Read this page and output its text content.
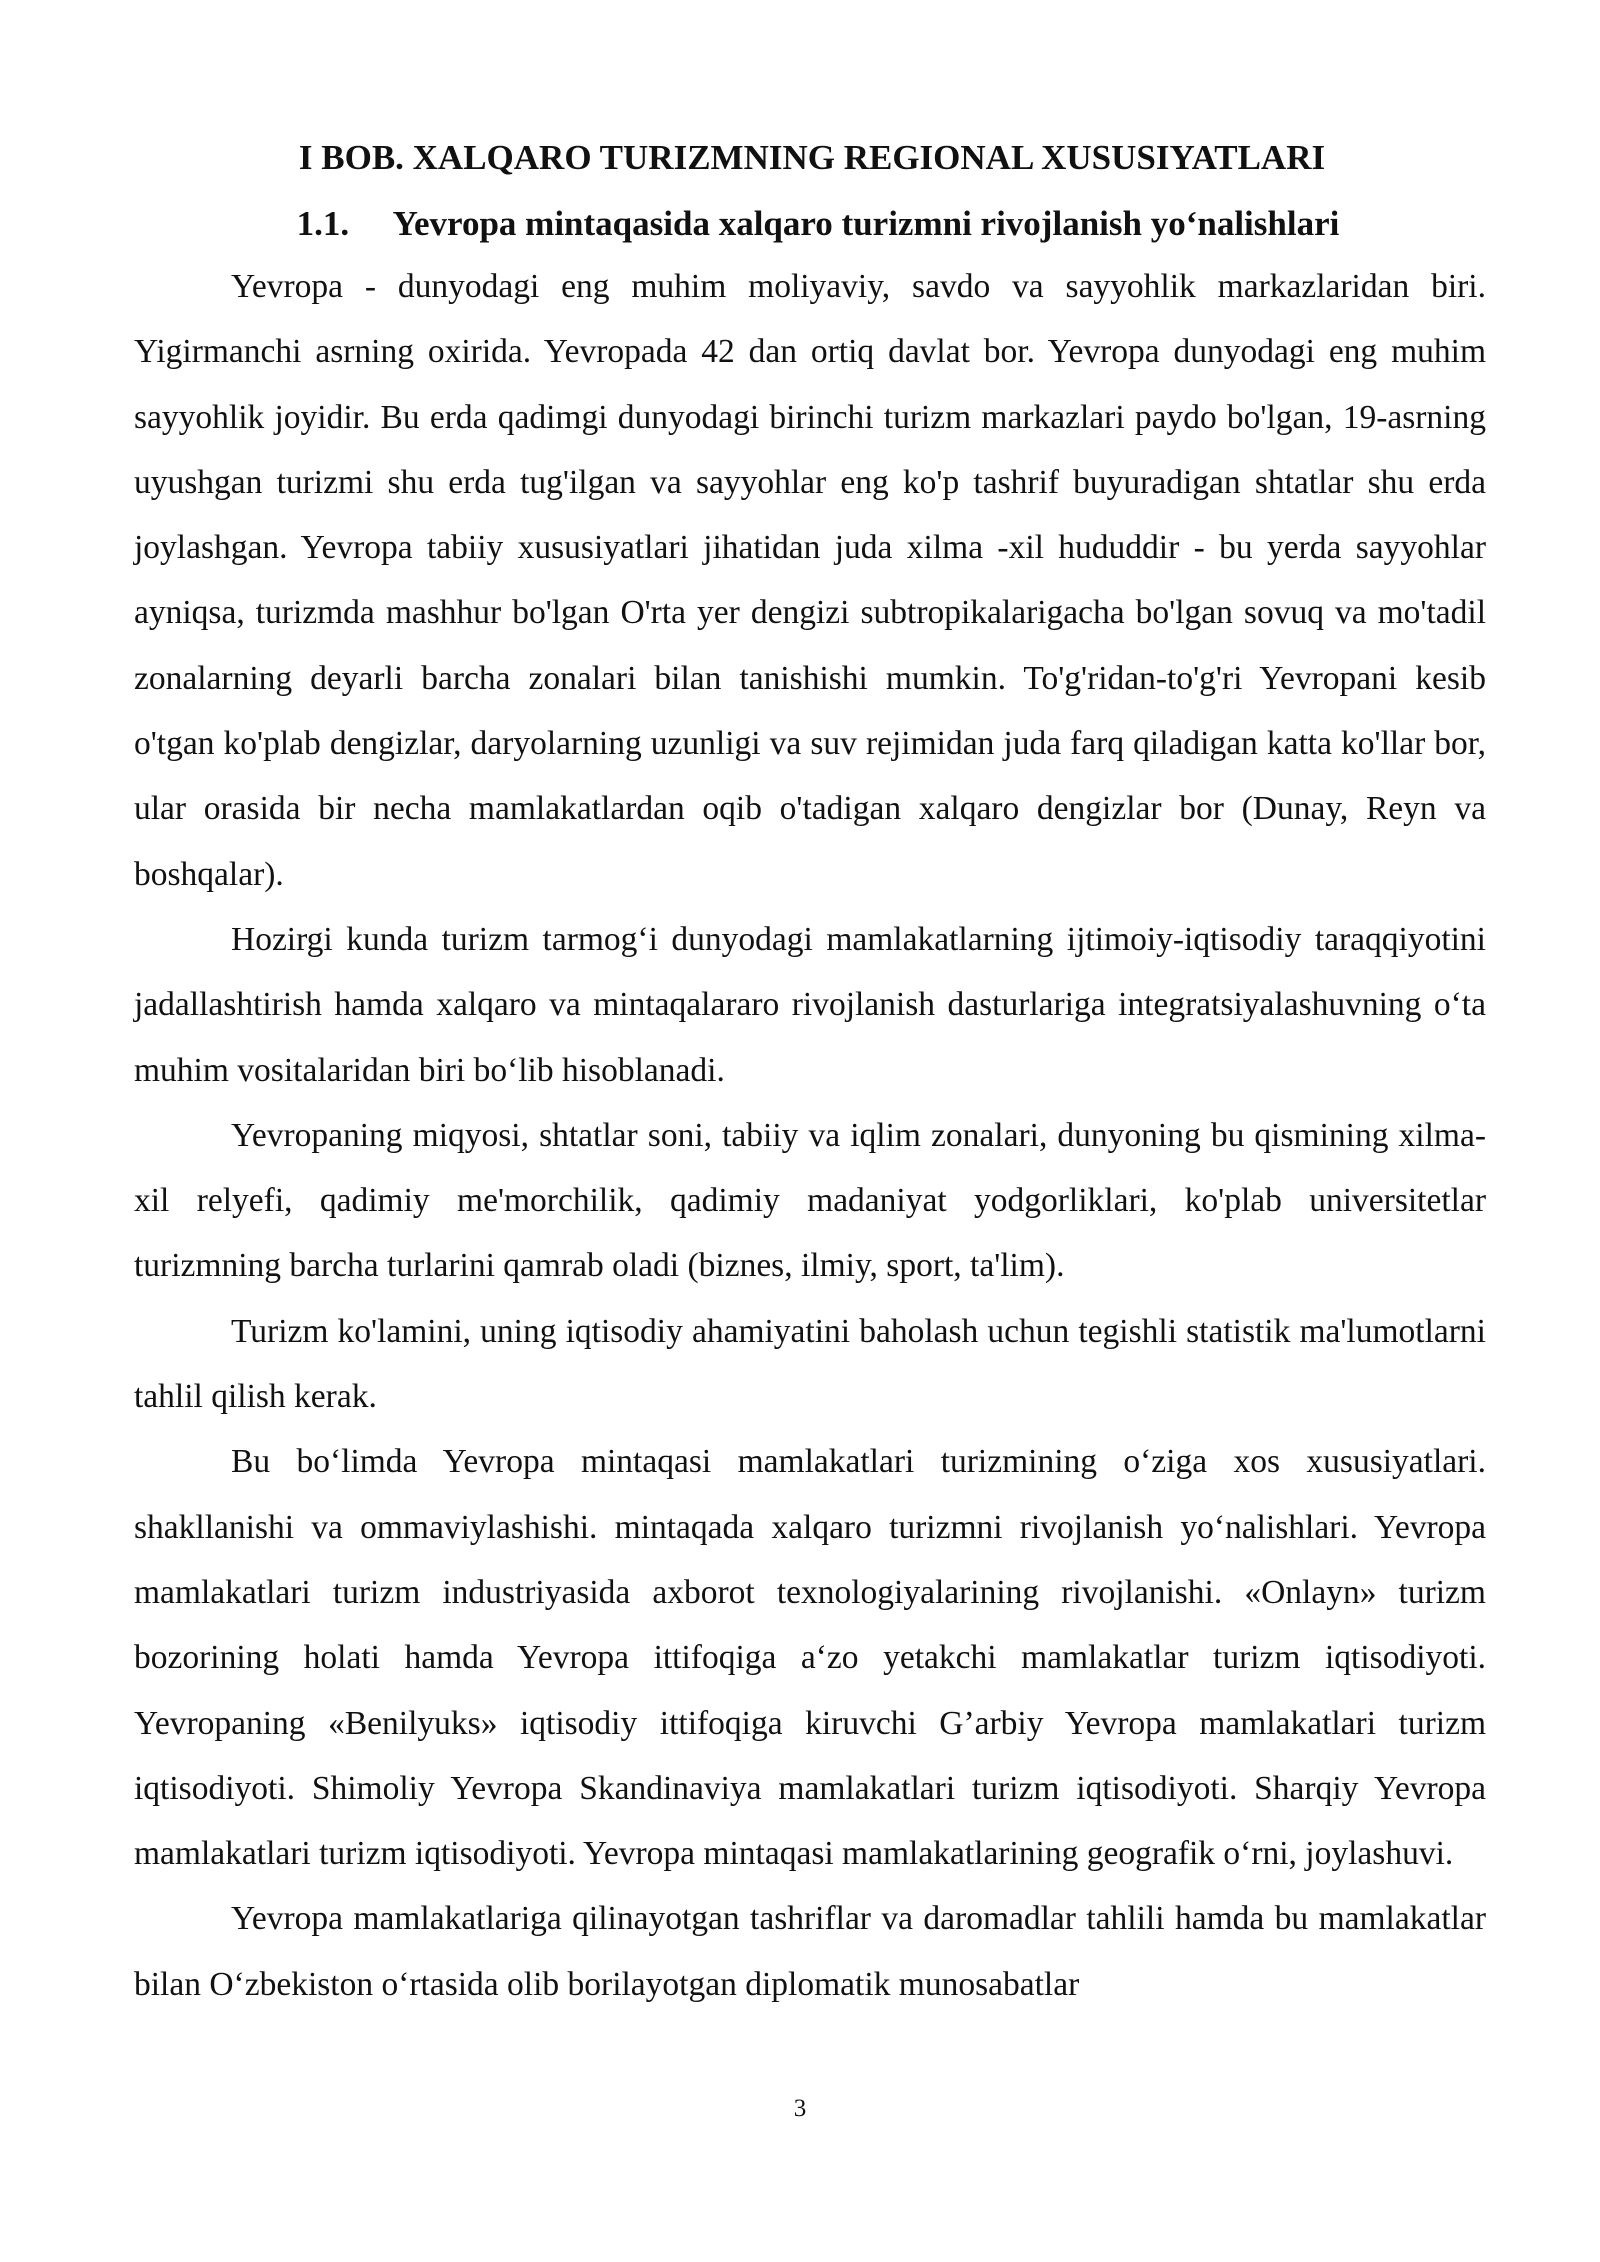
I BOB. XALQARO TURIZMNING REGIONAL XUSUSIYATLARI
1.1. Yevropa mintaqasida xalqaro turizmni rivojlanish yo‘nalishlari

Yevropa - dunyodagi eng muhim moliyaviy, savdo va sayyohlik markazlaridan biri. Yigirmanchi asrning oxirida. Yevropada 42 dan ortiq davlat bor. Yevropa dunyodagi eng muhim sayyohlik joyidir. Bu erda qadimgi dunyodagi birinchi turizm markazlari paydo bo'lgan, 19-asrning uyushgan turizmi shu erda tug'ilgan va sayyohlar eng ko'p tashrif buyuradigan shtatlar shu erda joylashgan. Yevropa tabiiy xususiyatlari jihatidan juda xilma -xil hududdir - bu yerda sayyohlar ayniqsa, turizmda mashhur bo'lgan O'rta yer dengizi subtropikalarigacha bo'lgan sovuq va mo'tadil zonalarning deyarli barcha zonalari bilan tanishishi mumkin. To'g'ridan-to'g'ri Yevropani kesib o'tgan ko'plab dengizlar, daryolarning uzunligi va suv rejimidan juda farq qiladigan katta ko'llar bor, ular orasida bir necha mamlakatlardan oqib o'tadigan xalqaro dengizlar bor (Dunay, Reyn va boshqalar).

Hozirgi kunda turizm tarmog‘i dunyodagi mamlakatlarning ijtimoiy-iqtisodiy taraqqiyotini jadallashtirish hamda xalqaro va mintaqalararo rivojlanish dasturlariga integratsiyalashuvning o‘ta muhim vositalaridan biri bo‘lib hisoblanadi.

Yevropaning miqyosi, shtatlar soni, tabiiy va iqlim zonalari, dunyoning bu qismining xilma-xil relyefi, qadimiy me'morchilik, qadimiy madaniyat yodgorliklari, ko'plab universitetlar turizmning barcha turlarini qamrab oladi (biznes, ilmiy, sport, ta'lim).

Turizm ko'lamini, uning iqtisodiy ahamiyatini baholash uchun tegishli statistik ma'lumotlarni tahlil qilish kerak.

Bu bo‘limda Yevropa mintaqasi mamlakatlari turizmining o‘ziga xos xususiyatlari. shakllanishi va ommaviylashishi. mintaqada xalqaro turizmni rivojlanish yo‘nalishlari. Yevropa mamlakatlari turizm industriyasida axborot texnologiyalarining rivojlanishi. «Onlayn» turizm bozorining holati hamda Yevropa ittifoqiga a‘zo yetakchi mamlakatlar turizm iqtisodiyoti. Yevropaning «Benilyuks» iqtisodiy ittifoqiga kiruvchi G’arbiy Yevropa mamlakatlari turizm iqtisodiyoti. Shimoliy Yevropa Skandinaviya mamlakatlari turizm iqtisodiyoti. Sharqiy Yevropa mamlakatlari turizm iqtisodiyoti. Yevropa mintaqasi mamlakatlarining geografik o‘rni, joylashuvi.

Yevropa mamlakatlariga qilinayotgan tashriflar va daromadlar tahlili hamda bu mamlakatlar bilan O‘zbekiston o‘rtasida olib borilayotgan diplomatik munosabatlar

3
